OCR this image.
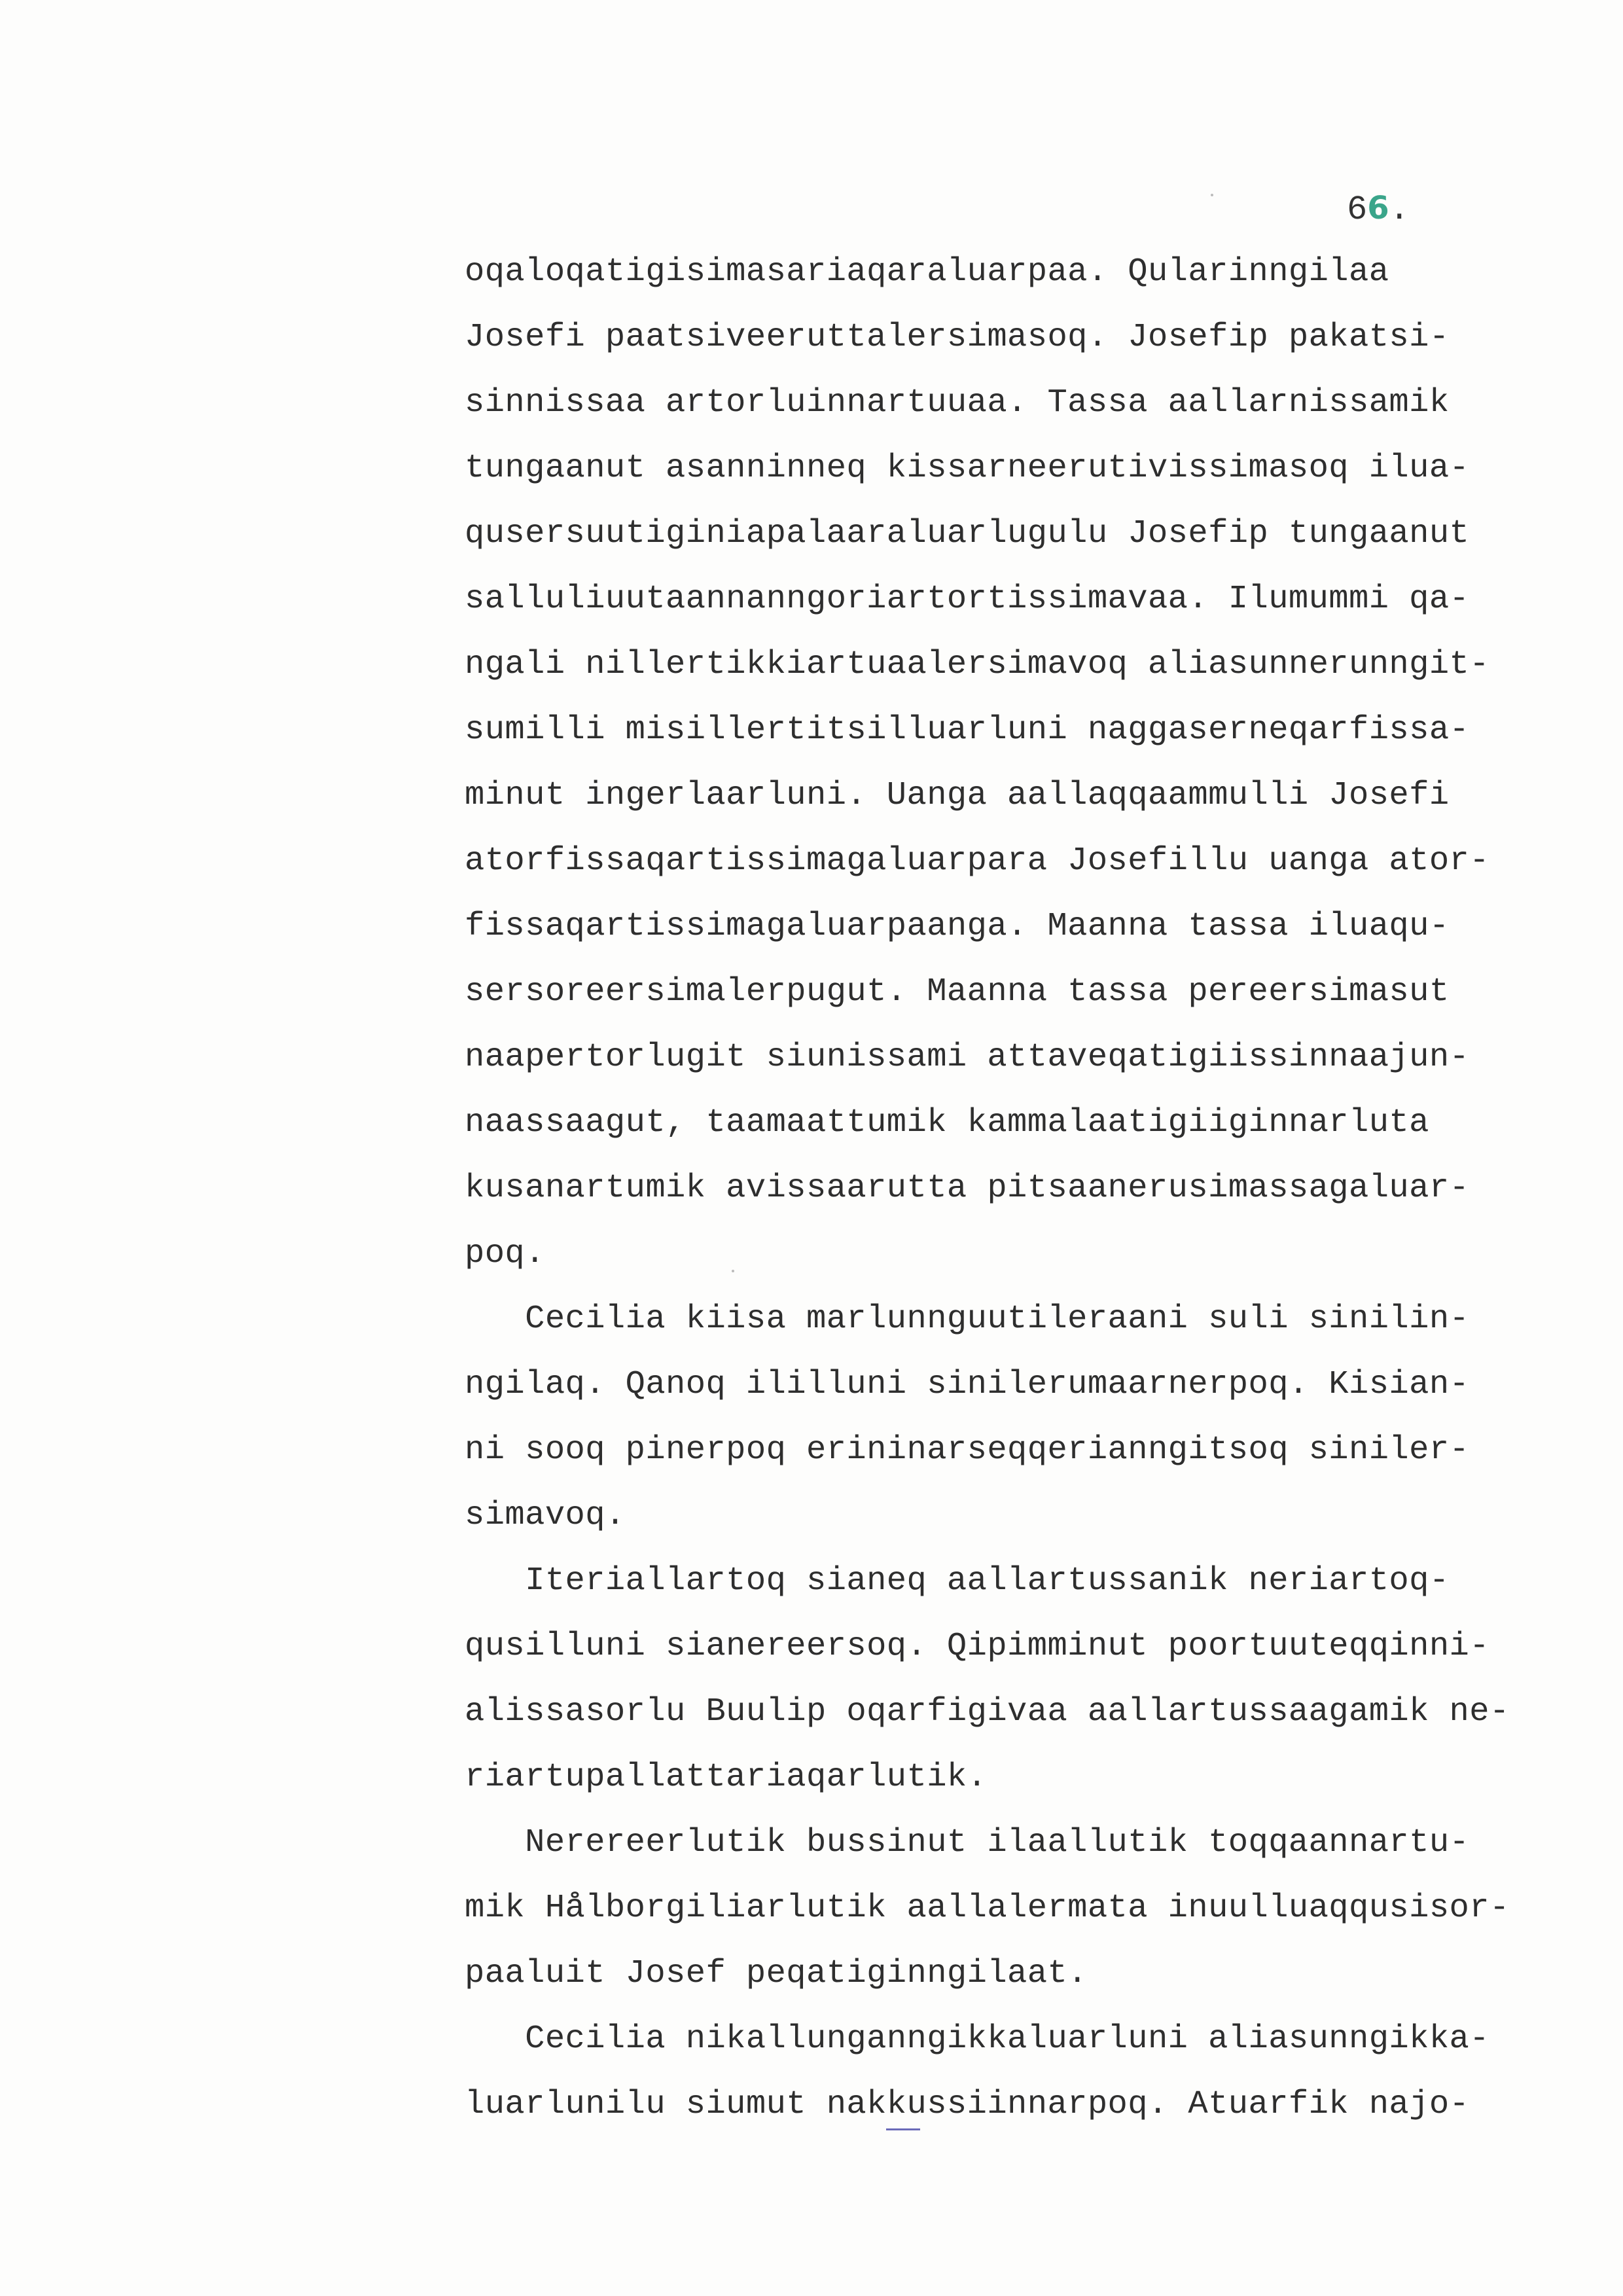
66.
oqaloqatigisimasariaqaraluarpaa. Qularinngilaa
Josefi paatsiveeruttalersimasoq. Josefip pakatsi-
sinnissaa artorluinnartuuaa. Tassa aallarnissamik
tungaanut asanninneq kissarneerutivissimasoq ilua-
qusersuutiginiapalaaraluarlugulu Josefip tungaanut
salluliuutaannanngoriartortissimavaa. Ilumummi qa-
ngali nillertikkiartuaalersimavoq aliasunnerunngit-
sumilli misillertitsilluarluni naggaserneqarfissa-
minut ingerlaarluni. Uanga aallaqqaammulli Josefi
atorfissaqartissimagaluarpara Josefillu uanga ator-
fissaqartissimagaluarpaanga. Maanna tassa iluaqu-
sersoreersimalerpugut. Maanna tassa pereersimasut
naapertorlugit siunissami attaveqatigiissinnaajun-
naassaagut, taamaattumik kammalaatigiiginnarluta
kusanartumik avissaarutta pitsaanerusimassagaluar-
poq.
Cecilia kiisa marlunnguutileraani suli sinilin-
ngilaq. Qanoq ililluni sinilerumaarnerpoq. Kisian-
ni sooq pinerpoq erininarseqqerianngitsoq siniler-
simavoq.
Iteriallartoq sianeq aallartussanik neriartoq-
qusilluni sianereersoq. Qipimminut poortuuteqqinni-
alissasorlu Buulip oqarfigivaa aallartussaagamik ne-
riartupallattariaqarlutik.
Nerereerlutik bussinut ilaallutik toqqaannartu-
mik Hålborgiliarlutik aallalermata inuulluaqqusisor-
paaluit Josef peqatiginngilaat.
Cecilia nikallunganngikkaluarluni aliasunngikka-
luarlunilu siumut nakkussiinnarpoq. Atuarfik najo-
